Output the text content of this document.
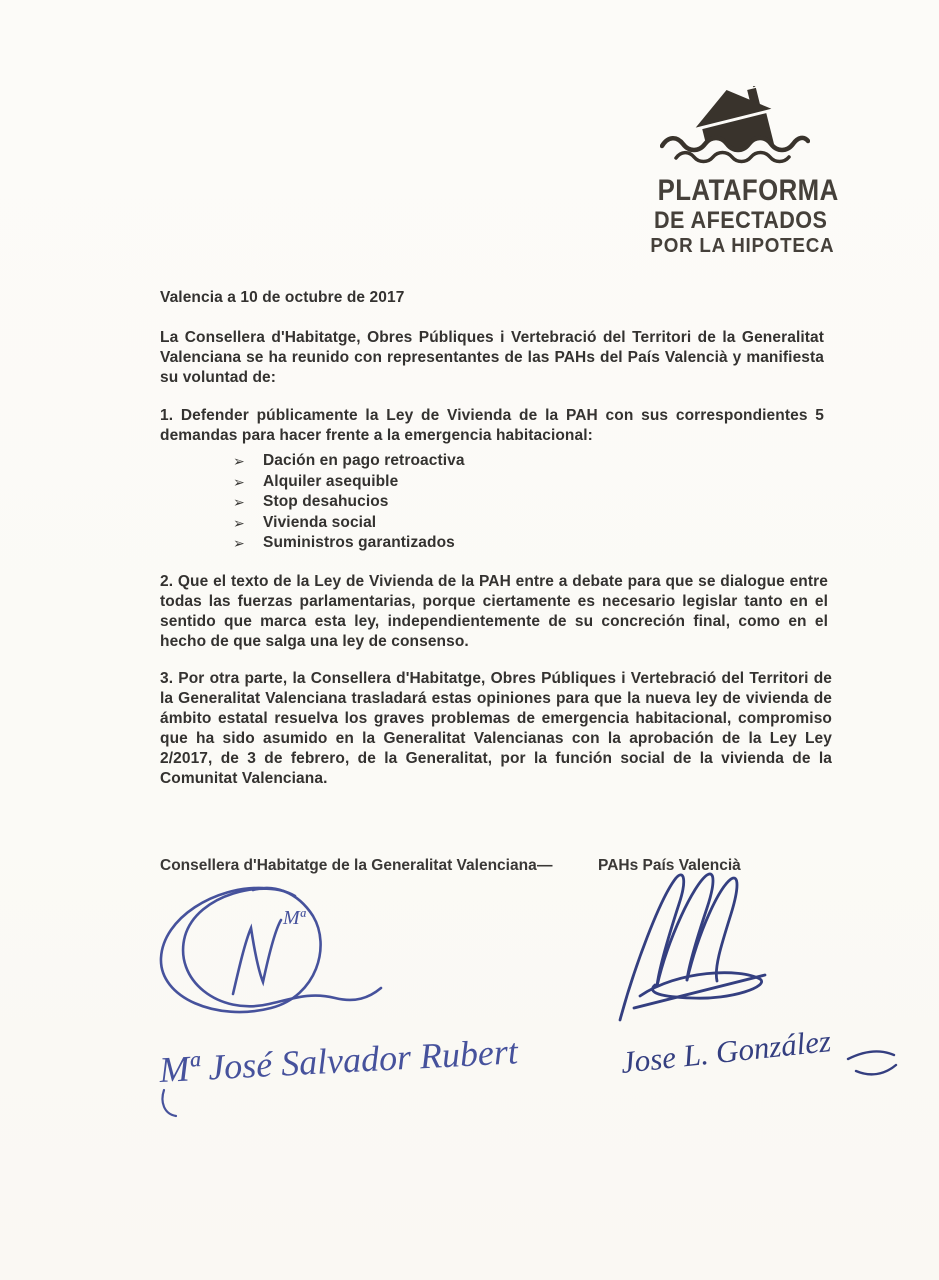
PLATAFORMA
DE AFECTADOS
POR LA HIPOTECA
Valencia a 10 de octubre de 2017
La Consellera d'Habitatge, Obres Públiques i Vertebració del Territori de la Generalitat Valenciana se ha reunido con representantes de las PAHs del País Valencià y manifiesta su voluntad de:
1. Defender públicamente la Ley de Vivienda de la PAH con sus correspondientes 5
demandas para hacer frente a la emergencia habitacional:
➢	Dación en pago retroactiva
➢	Alquiler asequible
➢	Stop desahucios
➢	Vivienda social
➢	Suministros garantizados
2. Que el texto de la Ley de Vivienda de la PAH entre a debate para que se dialogue entre todas las fuerzas parlamentarias, porque ciertamente es necesario legislar tanto en el sentido que marca esta ley, independientemente de su concreción final, como en el hecho de que salga una ley de consenso.
3. Por otra parte, la Consellera d'Habitatge, Obres Públiques i Vertebració del Territori de la Generalitat Valenciana trasladará estas opiniones para que la nueva ley de vivienda de ámbito estatal resuelva los graves problemas de emergencia habitacional, compromiso que ha sido asumido en la Generalitat Valencianas con la aprobación de la Ley Ley 2/2017, de 3 de febrero, de la Generalitat, por la función social de la vivienda de la Comunitat Valenciana.
Consellera d'Habitatge de la Generalitat Valenciana —	PAHs País Valencià
Mª
Mª José Salvador Rubert	Jose L. González
